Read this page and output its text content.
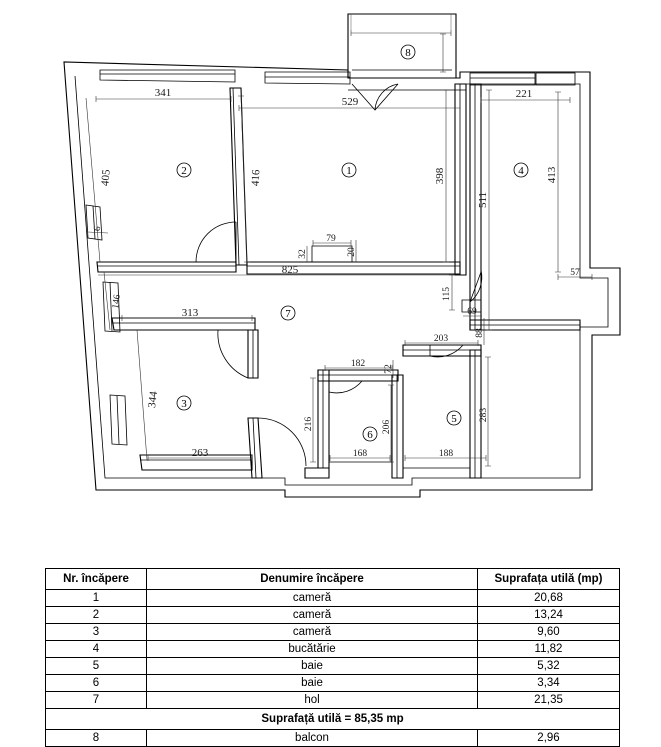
341
529
221
405	416	398
511
413
57
6
146
825
79
32	20
115
69
88
313
344
263
182 72
216	206
168
203
283
188
1
2
3
4
5
6
7
8
Nr. încăpere	Denumire încăpere	Suprafața utilă (mp)
1	cameră	20,68
2	cameră	13,24
3	cameră	9,60
4	bucătărie	11,82
5	baie	5,32
6	baie	3,34
7	hol	21,35
Suprafață utilă = 85,35 mp		
8	balcon	2,96
